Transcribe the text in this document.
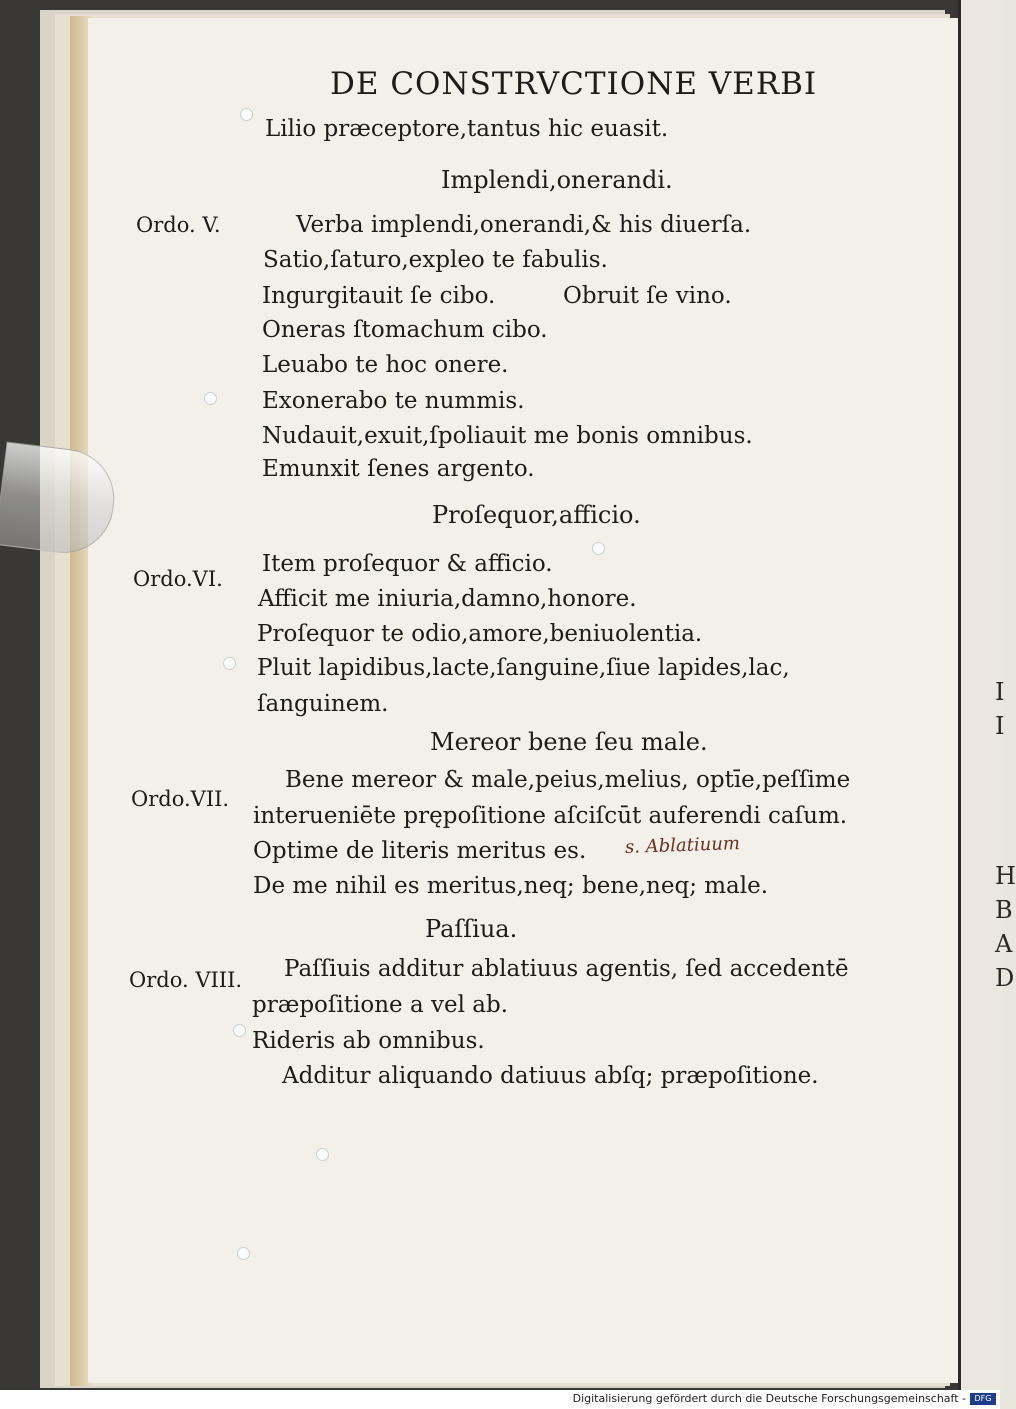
I
I
H
B
A
D
DE CONSTRVCTIONE VERBI
Lilio præceptore,tantus hic euasit.
Implendi,onerandi.
Ordo. V.	Verba implendi,onerandi,& his diuerſa.
Satio,ſaturo,expleo te fabulis.
Ingurgitauit ſe cibo.	Obruit ſe vino.
Oneras ſtomachum cibo.
Leuabo te hoc onere.
Exonerabo te nummis.
Nudauit,exuit,ſpoliauit me bonis omnibus.
Emunxit ſenes argento.
Proſequor,afficio.
Ordo.VI.
Item proſequor & afficio.
Afficit me iniuria,damno,honore.
Proſequor te odio,amore,beniuolentia.
Pluit lapidibus,lacte,ſanguine,ſiue lapides,lac,
ſanguinem.
Mereor bene ſeu male.
Ordo.VII.
Bene mereor & male,peius,melius, optīe,peſſime
interueniēte prępoſitione aſciſcūt auferendi caſum.
Optime de literis meritus es. s. Ablatiuum
De me nihil es meritus,neq; bene,neq; male.
Paſſiua.
Ordo. VIII. Paſſiuis additur ablatiuus agentis, ſed accedentē
præpoſitione a vel ab.
Rideris ab omnibus.
Additur aliquando datiuus abſq; præpoſitione.
Digitalisierung gefördert durch die Deutsche Forschungsgemeinschaft -	DFG
